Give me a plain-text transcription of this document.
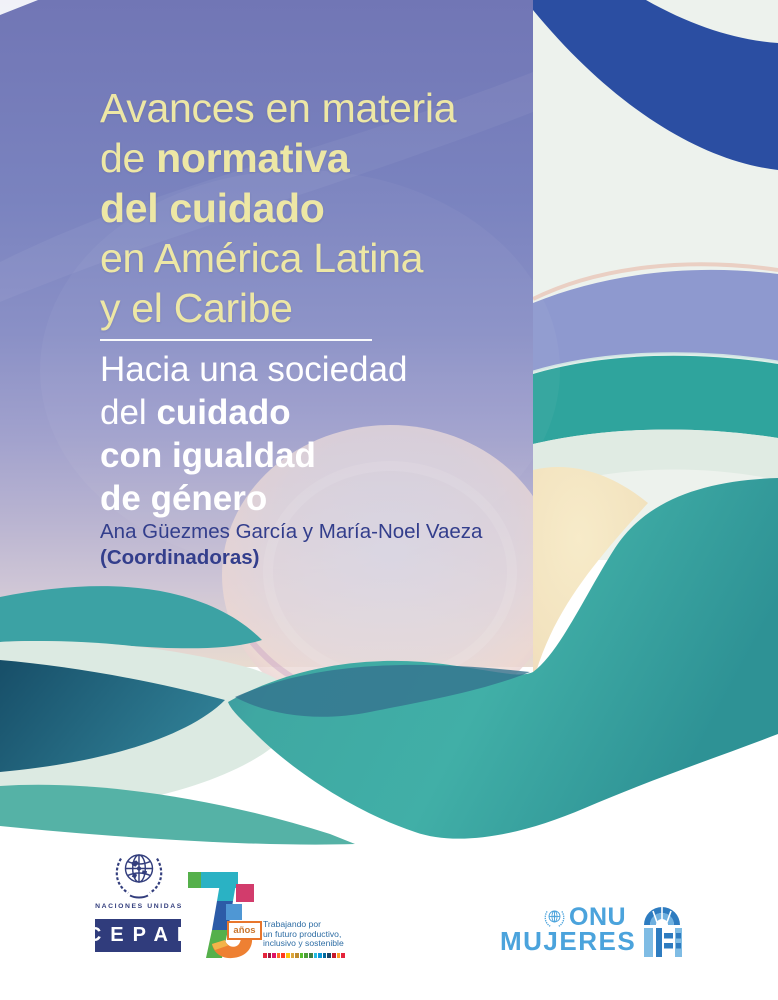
Avances en materia
de normativa
del cuidado
en América Latina
y el Caribe
Hacia una sociedad
del cuidado
con igualdad
de género
Ana Güezmes García y María-Noel Vaeza
(Coordinadoras)
NACIONES UNIDAS
CEPAL	años
Trabajando por
un futuro productivo,
inclusivo y sostenible
ONU
MUJERES
